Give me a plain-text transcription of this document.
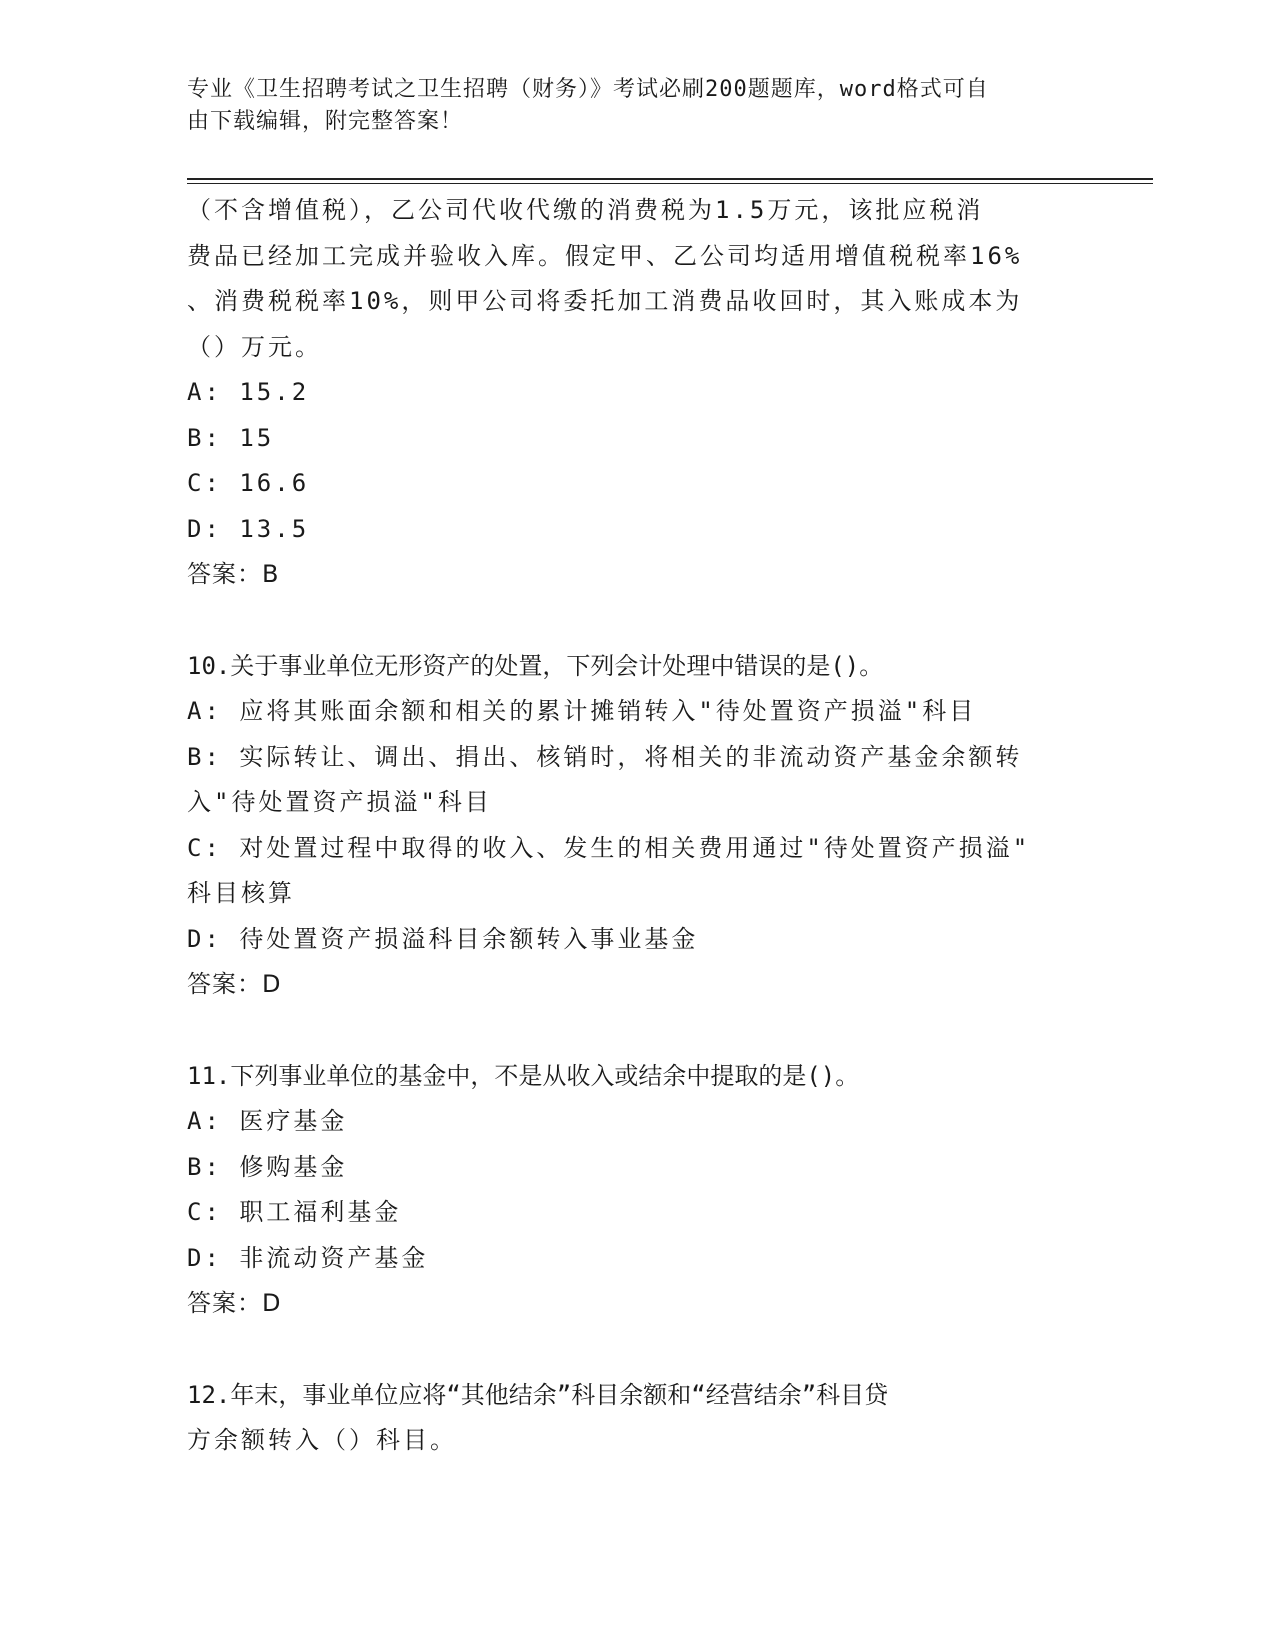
专业《卫生招聘考试之卫生招聘（财务）》考试必刷200题题库，word格式可自
由下载编辑，附完整答案！
（不含增值税），乙公司代收代缴的消费税为1.5万元，该批应税消
费品已经加工完成并验收入库。假定甲、乙公司均适用增值税税率16%
、消费税税率10%，则甲公司将委托加工消费品收回时，其入账成本为
（）万元。
A: 15.2
B: 15
C: 16.6
D: 13.5
答案：B
10.关于事业单位无形资产的处置，下列会计处理中错误的是()。
A: 应将其账面余额和相关的累计摊销转入"待处置资产损溢"科目
B: 实际转让、调出、捐出、核销时，将相关的非流动资产基金余额转
入"待处置资产损溢"科目
C: 对处置过程中取得的收入、发生的相关费用通过"待处置资产损溢"
科目核算
D: 待处置资产损溢科目余额转入事业基金
答案：D
11.下列事业单位的基金中，不是从收入或结余中提取的是()。
A: 医疗基金
B: 修购基金
C: 职工福利基金
D: 非流动资产基金
答案：D
12.年末，事业单位应将“其他结余”科目余额和“经营结余”科目贷
方余额转入（）科目。
